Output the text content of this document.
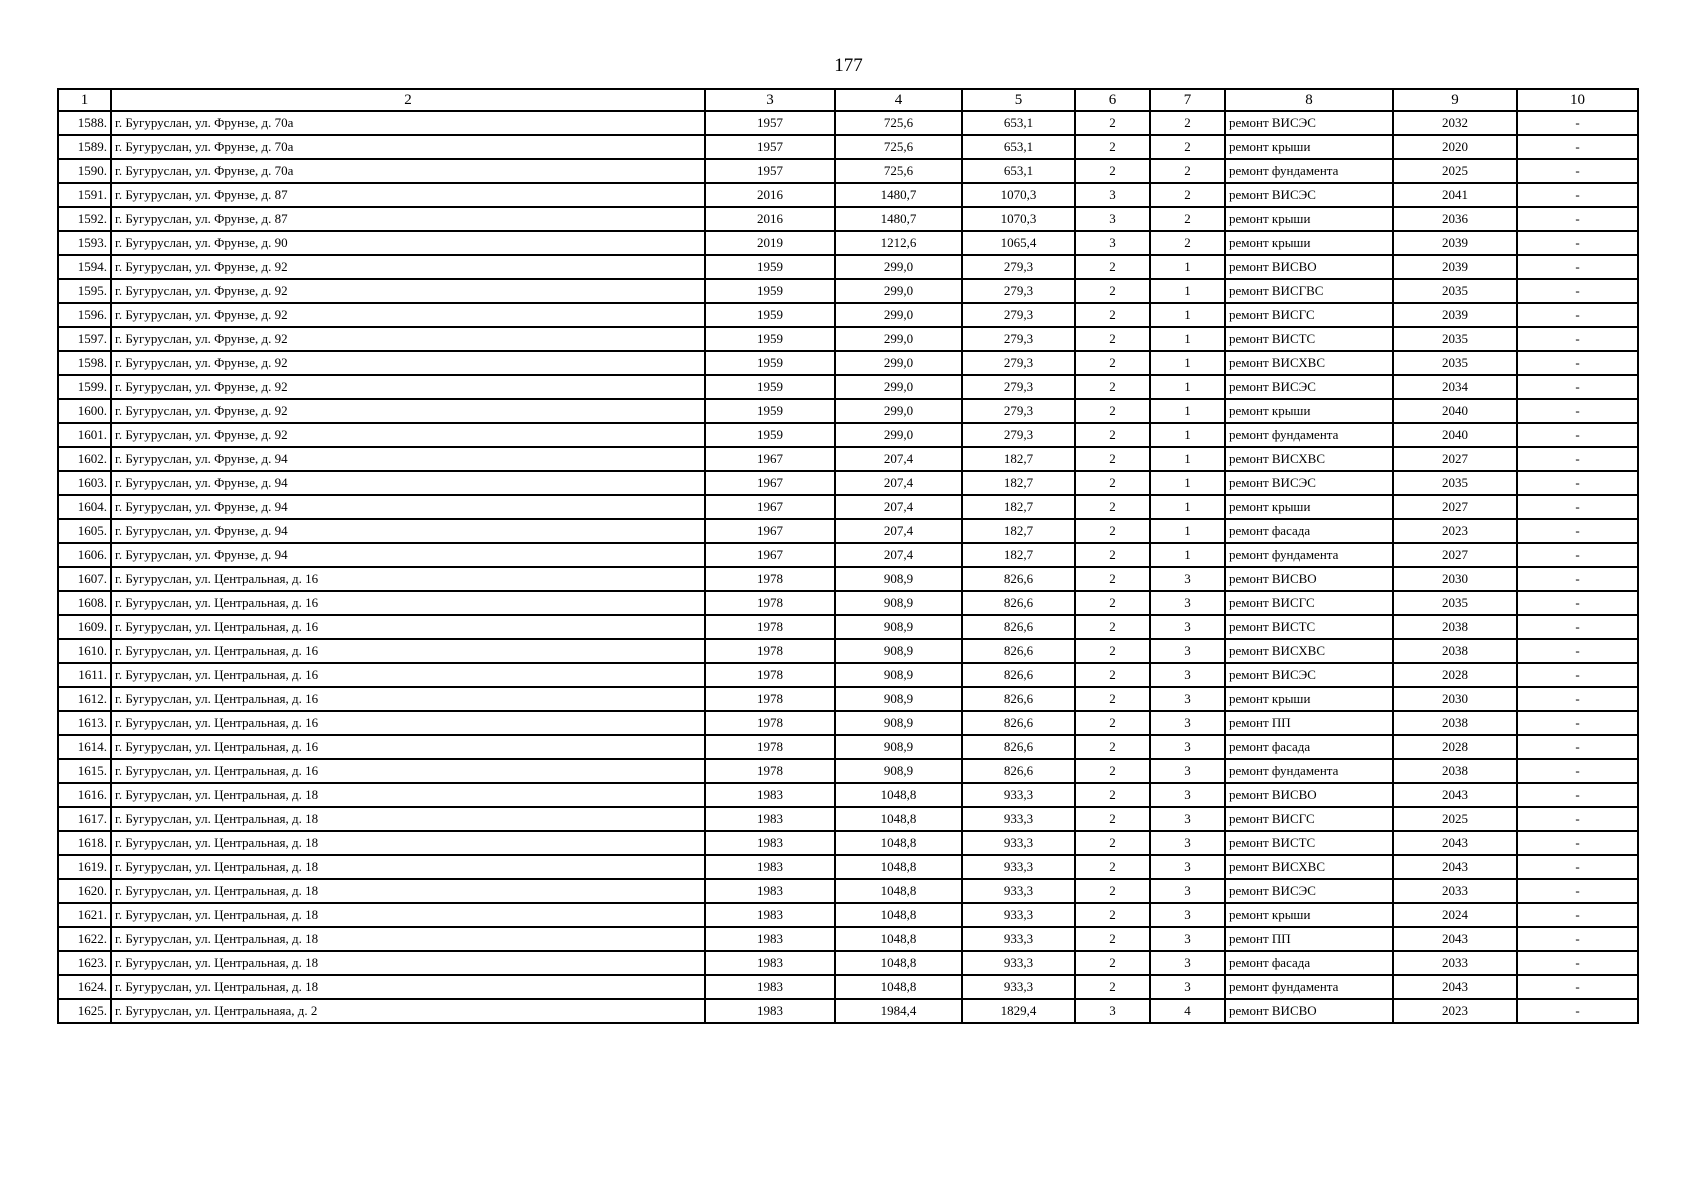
177
1	2	3	4	5	6	7	8	9	10
1588.	г. Бугуруслан, ул. Фрунзе, д. 70а	1957	725,6	653,1	2	2	ремонт ВИСЭС	2032	-
1589.	г. Бугуруслан, ул. Фрунзе, д. 70а	1957	725,6	653,1	2	2	ремонт крыши	2020	-
1590.	г. Бугуруслан, ул. Фрунзе, д. 70а	1957	725,6	653,1	2	2	ремонт фундамента	2025	-
1591.	г. Бугуруслан, ул. Фрунзе, д. 87	2016	1480,7	1070,3	3	2	ремонт ВИСЭС	2041	-
1592.	г. Бугуруслан, ул. Фрунзе, д. 87	2016	1480,7	1070,3	3	2	ремонт крыши	2036	-
1593.	г. Бугуруслан, ул. Фрунзе, д. 90	2019	1212,6	1065,4	3	2	ремонт крыши	2039	-
1594.	г. Бугуруслан, ул. Фрунзе, д. 92	1959	299,0	279,3	2	1	ремонт ВИСВО	2039	-
1595.	г. Бугуруслан, ул. Фрунзе, д. 92	1959	299,0	279,3	2	1	ремонт ВИСГВС	2035	-
1596.	г. Бугуруслан, ул. Фрунзе, д. 92	1959	299,0	279,3	2	1	ремонт ВИСГС	2039	-
1597.	г. Бугуруслан, ул. Фрунзе, д. 92	1959	299,0	279,3	2	1	ремонт ВИСТС	2035	-
1598.	г. Бугуруслан, ул. Фрунзе, д. 92	1959	299,0	279,3	2	1	ремонт ВИСХВС	2035	-
1599.	г. Бугуруслан, ул. Фрунзе, д. 92	1959	299,0	279,3	2	1	ремонт ВИСЭС	2034	-
1600.	г. Бугуруслан, ул. Фрунзе, д. 92	1959	299,0	279,3	2	1	ремонт крыши	2040	-
1601.	г. Бугуруслан, ул. Фрунзе, д. 92	1959	299,0	279,3	2	1	ремонт фундамента	2040	-
1602.	г. Бугуруслан, ул. Фрунзе, д. 94	1967	207,4	182,7	2	1	ремонт ВИСХВС	2027	-
1603.	г. Бугуруслан, ул. Фрунзе, д. 94	1967	207,4	182,7	2	1	ремонт ВИСЭС	2035	-
1604.	г. Бугуруслан, ул. Фрунзе, д. 94	1967	207,4	182,7	2	1	ремонт крыши	2027	-
1605.	г. Бугуруслан, ул. Фрунзе, д. 94	1967	207,4	182,7	2	1	ремонт фасада	2023	-
1606.	г. Бугуруслан, ул. Фрунзе, д. 94	1967	207,4	182,7	2	1	ремонт фундамента	2027	-
1607.	г. Бугуруслан, ул. Центральная, д. 16	1978	908,9	826,6	2	3	ремонт ВИСВО	2030	-
1608.	г. Бугуруслан, ул. Центральная, д. 16	1978	908,9	826,6	2	3	ремонт ВИСГС	2035	-
1609.	г. Бугуруслан, ул. Центральная, д. 16	1978	908,9	826,6	2	3	ремонт ВИСТС	2038	-
1610.	г. Бугуруслан, ул. Центральная, д. 16	1978	908,9	826,6	2	3	ремонт ВИСХВС	2038	-
1611.	г. Бугуруслан, ул. Центральная, д. 16	1978	908,9	826,6	2	3	ремонт ВИСЭС	2028	-
1612.	г. Бугуруслан, ул. Центральная, д. 16	1978	908,9	826,6	2	3	ремонт крыши	2030	-
1613.	г. Бугуруслан, ул. Центральная, д. 16	1978	908,9	826,6	2	3	ремонт ПП	2038	-
1614.	г. Бугуруслан, ул. Центральная, д. 16	1978	908,9	826,6	2	3	ремонт фасада	2028	-
1615.	г. Бугуруслан, ул. Центральная, д. 16	1978	908,9	826,6	2	3	ремонт фундамента	2038	-
1616.	г. Бугуруслан, ул. Центральная, д. 18	1983	1048,8	933,3	2	3	ремонт ВИСВО	2043	-
1617.	г. Бугуруслан, ул. Центральная, д. 18	1983	1048,8	933,3	2	3	ремонт ВИСГС	2025	-
1618.	г. Бугуруслан, ул. Центральная, д. 18	1983	1048,8	933,3	2	3	ремонт ВИСТС	2043	-
1619.	г. Бугуруслан, ул. Центральная, д. 18	1983	1048,8	933,3	2	3	ремонт ВИСХВС	2043	-
1620.	г. Бугуруслан, ул. Центральная, д. 18	1983	1048,8	933,3	2	3	ремонт ВИСЭС	2033	-
1621.	г. Бугуруслан, ул. Центральная, д. 18	1983	1048,8	933,3	2	3	ремонт крыши	2024	-
1622.	г. Бугуруслан, ул. Центральная, д. 18	1983	1048,8	933,3	2	3	ремонт ПП	2043	-
1623.	г. Бугуруслан, ул. Центральная, д. 18	1983	1048,8	933,3	2	3	ремонт фасада	2033	-
1624.	г. Бугуруслан, ул. Центральная, д. 18	1983	1048,8	933,3	2	3	ремонт фундамента	2043	-
1625.	г. Бугуруслан, ул. Центральнаяа, д. 2	1983	1984,4	1829,4	3	4	ремонт ВИСВО	2023	-
